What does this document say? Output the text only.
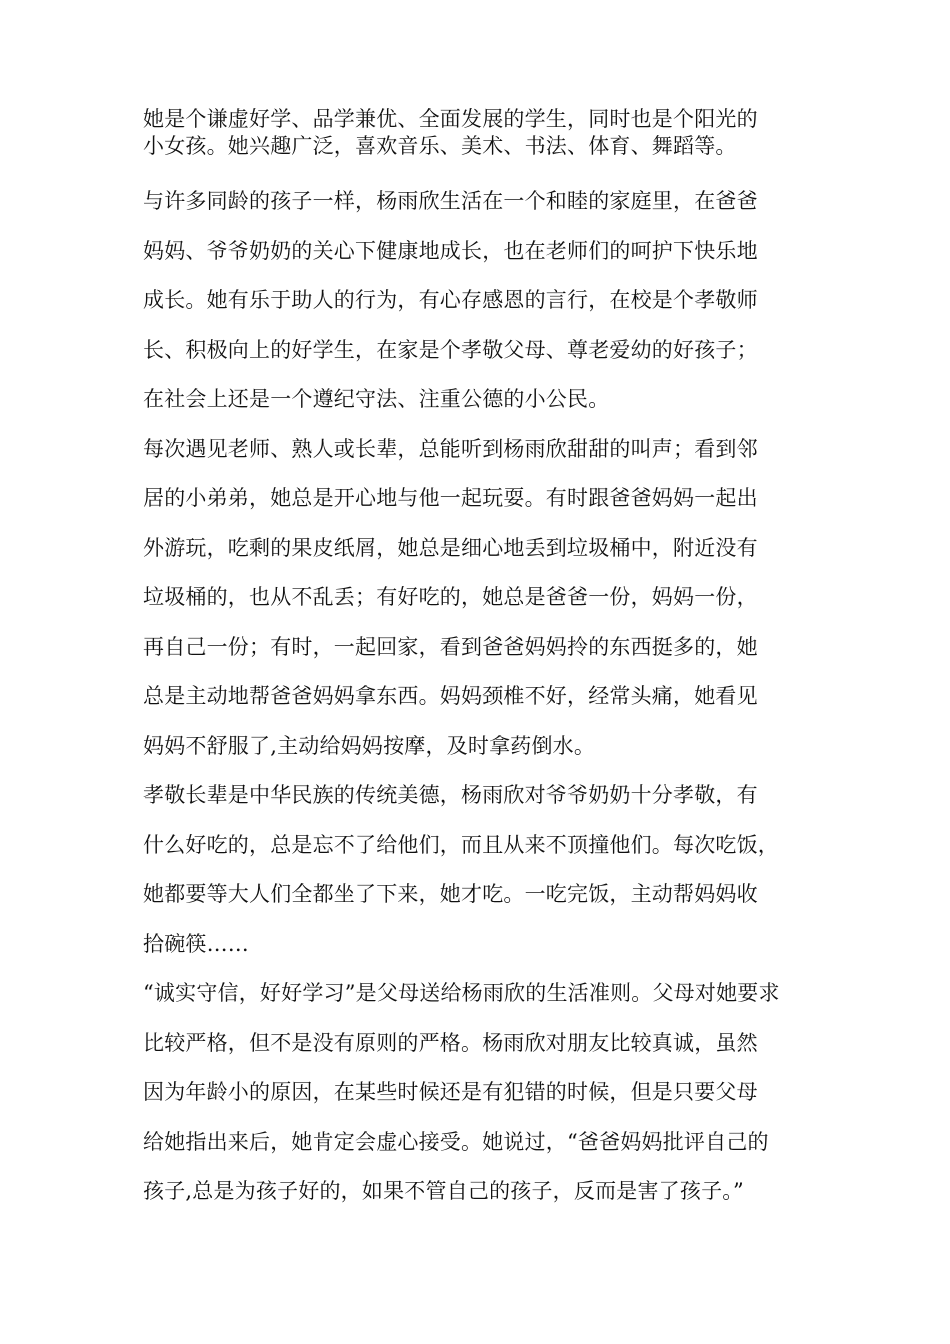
她是个谦虚好学、品学兼优、全面发展的学生，同时也是个阳光的
小女孩。她兴趣广泛，喜欢音乐、美术、书法、体育、舞蹈等。
与许多同龄的孩子一样，杨雨欣生活在一个和睦的家庭里，在爸爸
妈妈、爷爷奶奶的关心下健康地成长，也在老师们的呵护下快乐地
成长。她有乐于助人的行为，有心存感恩的言行，在校是个孝敬师
长、积极向上的好学生，在家是个孝敬父母、尊老爱幼的好孩子；
在社会上还是一个遵纪守法、注重公德的小公民。
每次遇见老师、熟人或长辈，总能听到杨雨欣甜甜的叫声；看到邻
居的小弟弟，她总是开心地与他一起玩耍。有时跟爸爸妈妈一起出
外游玩，吃剩的果皮纸屑，她总是细心地丢到垃圾桶中，附近没有
垃圾桶的，也从不乱丢；有好吃的，她总是爸爸一份，妈妈一份，
再自己一份；有时，一起回家，看到爸爸妈妈拎的东西挺多的，她
总是主动地帮爸爸妈妈拿东西。妈妈颈椎不好，经常头痛，她看见
妈妈不舒服了,主动给妈妈按摩，及时拿药倒水。
孝敬长辈是中华民族的传统美德，杨雨欣对爷爷奶奶十分孝敬，有
什么好吃的，总是忘不了给他们，而且从来不顶撞他们。每次吃饭，
她都要等大人们全都坐了下来，她才吃。一吃完饭，主动帮妈妈收
拾碗筷……
“诚实守信，好好学习”是父母送给杨雨欣的生活准则。父母对她要求
比较严格，但不是没有原则的严格。杨雨欣对朋友比较真诚，虽然
因为年龄小的原因，在某些时候还是有犯错的时候，但是只要父母
给她指出来后，她肯定会虚心接受。她说过，“爸爸妈妈批评自己的
孩子,总是为孩子好的，如果不管自己的孩子，反而是害了孩子。”
